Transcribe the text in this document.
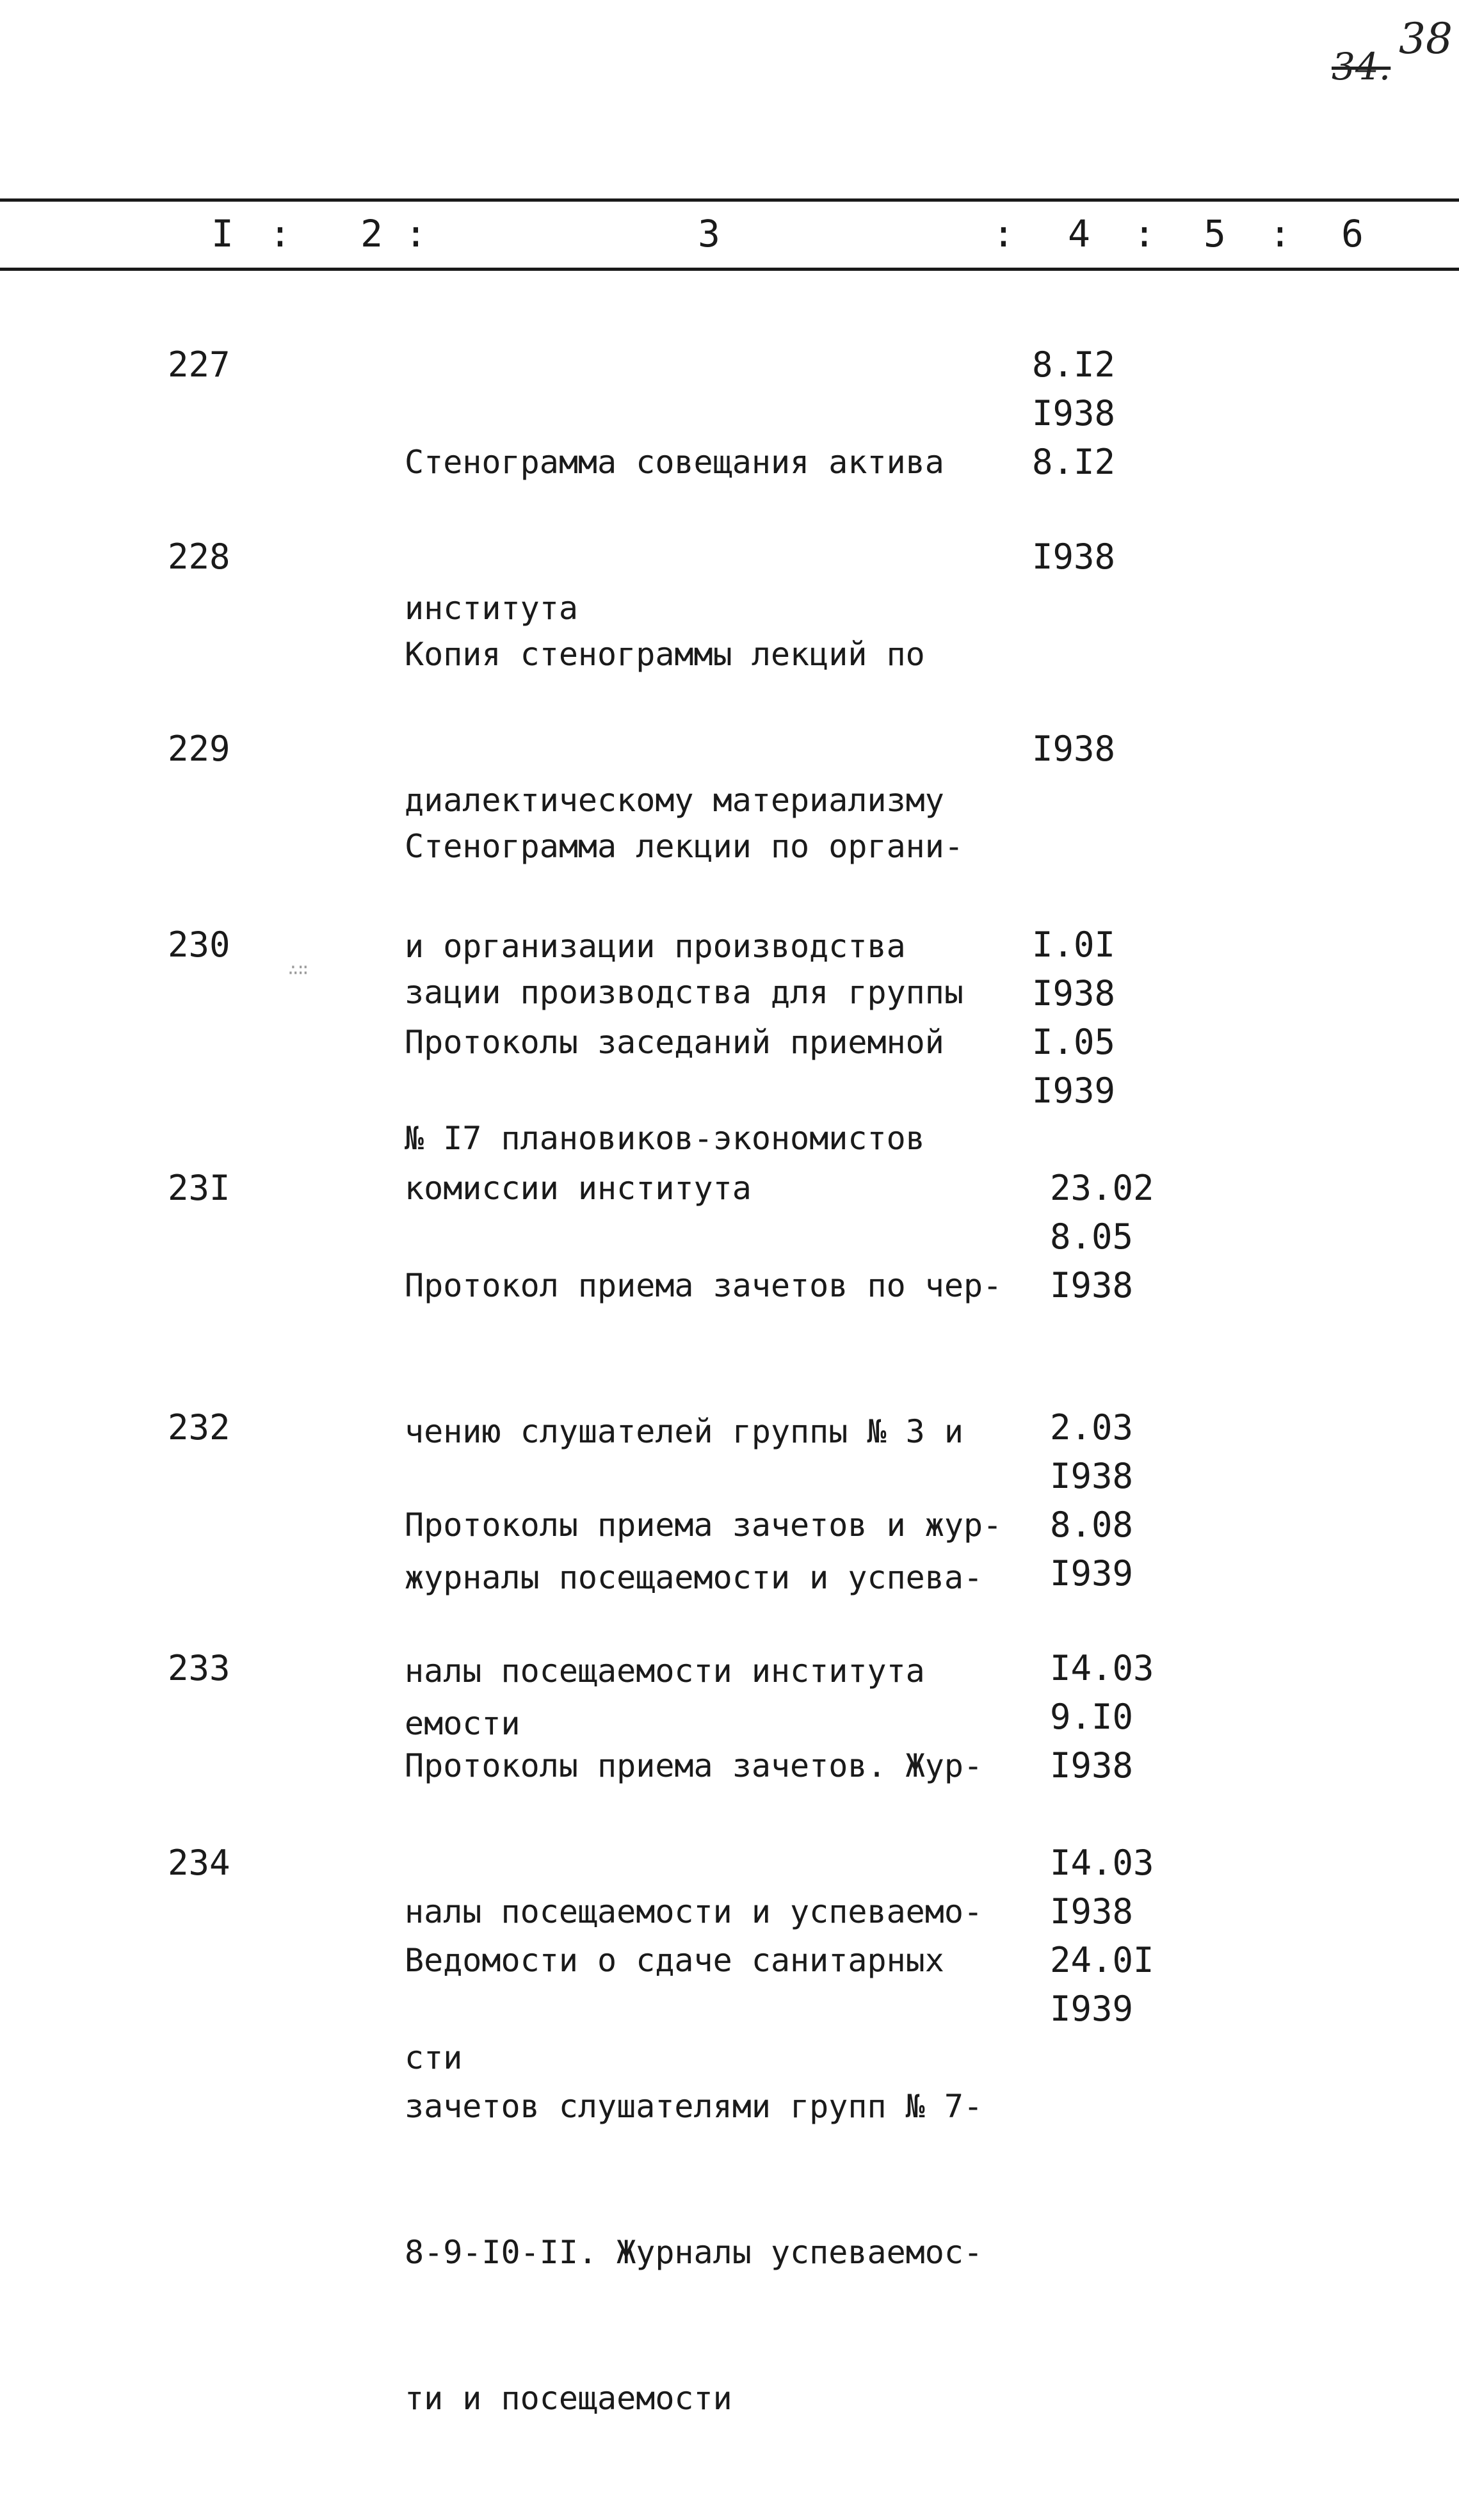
34.
38
I : 2 :	3	: 4 : 5 : 6
227

Стенограмма совещания актива

института

8.I2
I938
8.I2
228

Копия стенограммы лекций по

диалектическому материализму

и организации производства

I938
229

Стенограмма лекции по органи-

зации производства для группы

№ I7 плановиков-экономистов

I938
230

Протоколы заседаний приемной

комиссии института

I.0I
I938
I.05
I939
∴∷
23I

Протокол приема зачетов по чер-

чению слушателей группы № 3 и

журналы посещаемости и успева-

емости

23.02
8.05
I938
232

Протоколы приема зачетов и жур-

налы посещаемости института

2.03
I938
8.08
I939
233

Протоколы приема зачетов. Жур-

налы посещаемости и успеваемо-

сти

I4.03
9.I0
I938
234

Ведомости о сдаче санитарных

зачетов слушателями групп № 7-

8-9-I0-II. Журналы успеваемос-

ти и посещаемости

I4.03
I938
24.0I
I939
